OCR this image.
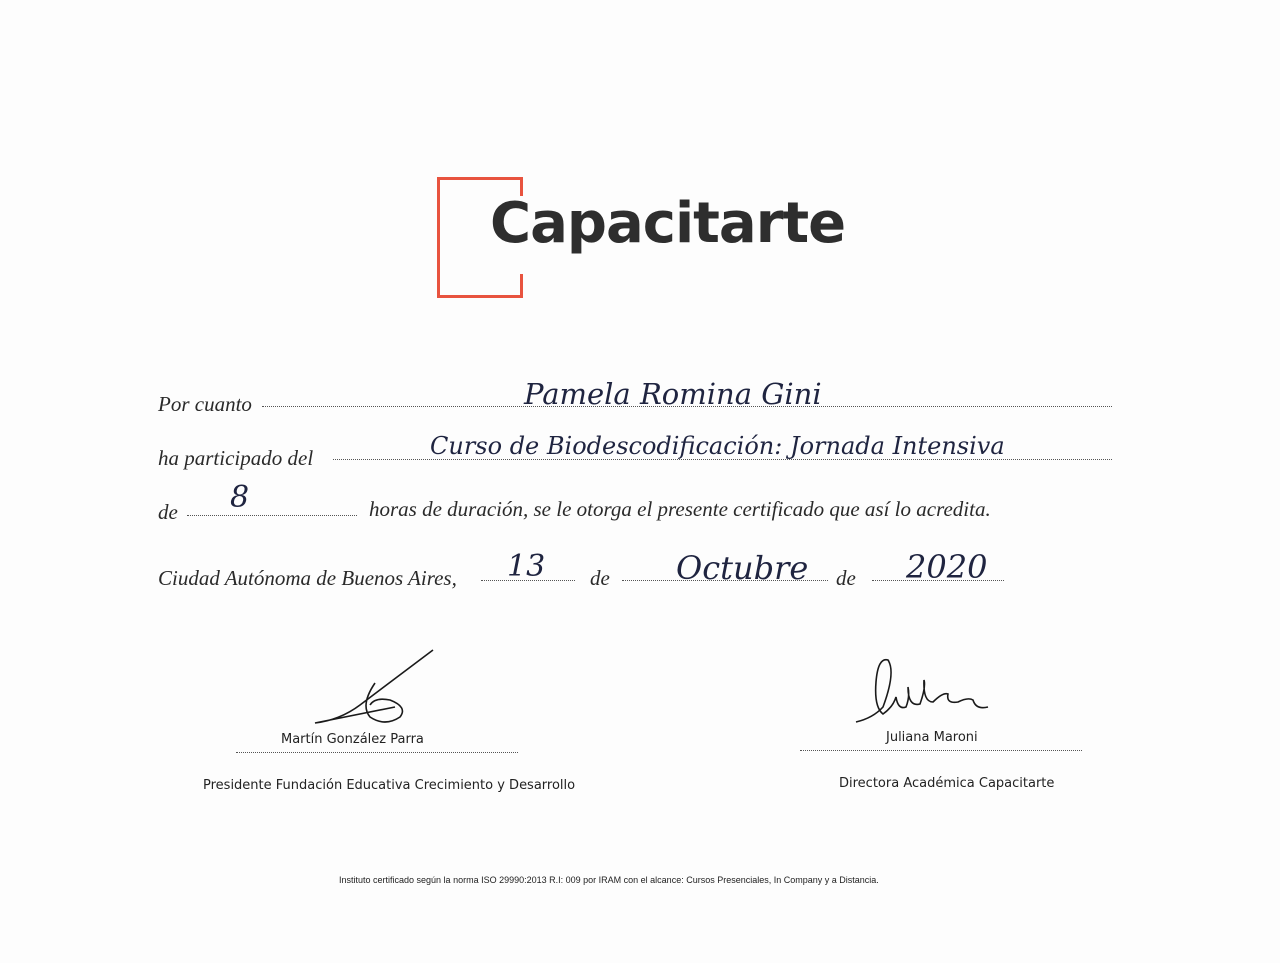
Capacitarte
Por cuanto	Pamela Romina Gini
ha participado del	Curso de Biodescodificación: Jornada Intensiva
de 8	horas de duración, se le otorga el presente certificado que así lo acredita.
Ciudad Autónoma de Buenos Aires, 13 de Octubre de 2020
Martín González Parra
Presidente Fundación Educativa Crecimiento y Desarrollo
Juliana Maroni
Directora Académica Capacitarte
Instituto certificado según la norma ISO 29990:2013 R.I: 009 por IRAM con el alcance: Cursos Presenciales, In Company y a Distancia.
